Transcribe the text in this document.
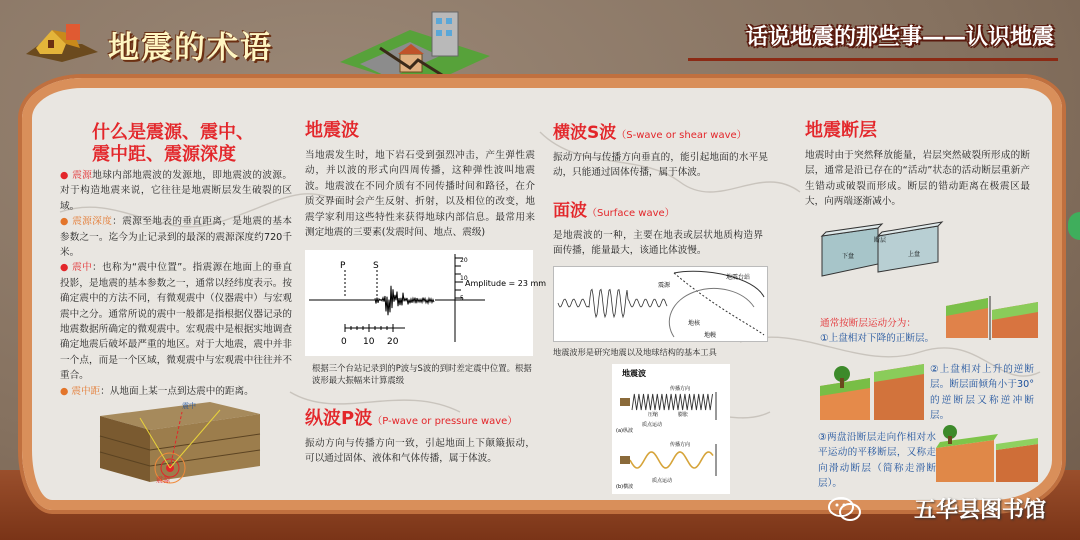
地震的术语	话说地震的那些事——认识地震
什么是震源、震中、
震中距、震源深度
● 震源地球内部地震波的发源地，即地震波的波源。对于构造地震来说，它往往是地震断层发生破裂的区域。
● 震源深度：震源至地表的垂直距离，是地震的基本参数之一。迄今为止记录到的最深的震源深度约720千米。
● 震中：也称为“震中位置”。指震源在地面上的垂直投影，是地震的基本参数之一，通常以经纬度表示。按确定震中的方法不同，有微观震中（仪器震中）与宏观震中之分。通常所说的震中一般都是指根据仪器记录的地震数据所确定的微观震中。宏观震中是根据实地调查确定地震后破坏最严重的地区。对于大地震，震中并非一个点，而是一个区域，微观震中与宏观震中往往并不重合。
● 震中距：从地面上某一点到达震中的距离。
震源
震中
地震波
当地震发生时，地下岩石受到强烈冲击，产生弹性震动，并以波的形式向四周传播，这种弹性波叫地震波。地震波在不同介质有不同传播时间和路径，在介质交界面时会产生反射、折射，以及相位的改变，地震学家利用这些特性来获得地球内部信息。最常用来测定地震的三要素(发震时间、地点、震级)
P	S
Amplitude = 23 mm
20
10
5
0 10 20
根据三个台站记录到的P波与S波的到时差定震中位置。根据波形最大振幅来计算震级
纵波P波（P-wave or pressure wave）
振动方向与传播方向一致，引起地面上下颠簸振动，可以通过固体、液体和气体传播，属于体波。
横波S波（S-wave or shear wave）
振动方向与传播方向垂直的，能引起地面的水平晃动，只能通过固体传播，属于体波。
面波（Surface wave）
是地震波的一种，主要在地表或层状地质构造界面传播，能量最大，该通比体波慢。
地震台站
震源
地核
地幔
地震波形是研究地震以及地球结构的基本工具
地震波
(a)纵波
(b)横波
质点运动
传播方向
质点运动
传播方向
压缩	膨胀
地震断层
地震时由于突然释放能量，岩层突然破裂所形成的断层，通常是沿已存在的“活动”状态的活动断层重新产生错动或破裂而形成。断层的错动距离在极震区最大，向两端逐渐减小。
断层
上盘
下盘
通常按断层运动分为：
①上盘相对下降的正断层。
②上盘相对上升的逆断层。断层面倾角小于30°的逆断层又称逆冲断层。
③两盘沿断层走向作相对水平运动的平移断层，又称走向滑动断层（简称走滑断层）。
五华县图书馆
